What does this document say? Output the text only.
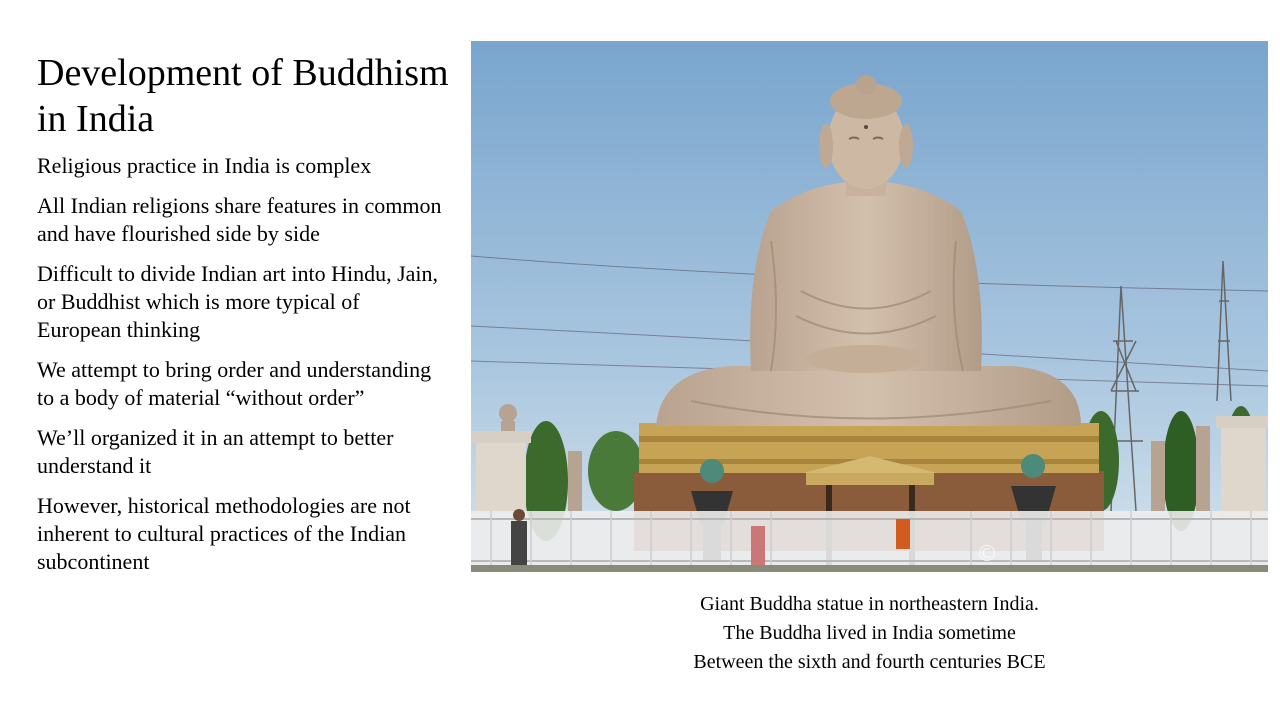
Development of Buddhism in India
Religious practice in India is complex
All Indian religions share features in common and have flourished side by side
Difficult to divide Indian art into Hindu, Jain, or Buddhist which is more typical of European thinking
We attempt to bring order and understanding to a body of material “without order”
We’ll organized it in an attempt to better understand it
However, historical methodologies are not inherent to cultural practices of the Indian subcontinent	©
Giant Buddha statue in northeastern India.
The Buddha lived in India sometime
Between the sixth and fourth centuries BCE
